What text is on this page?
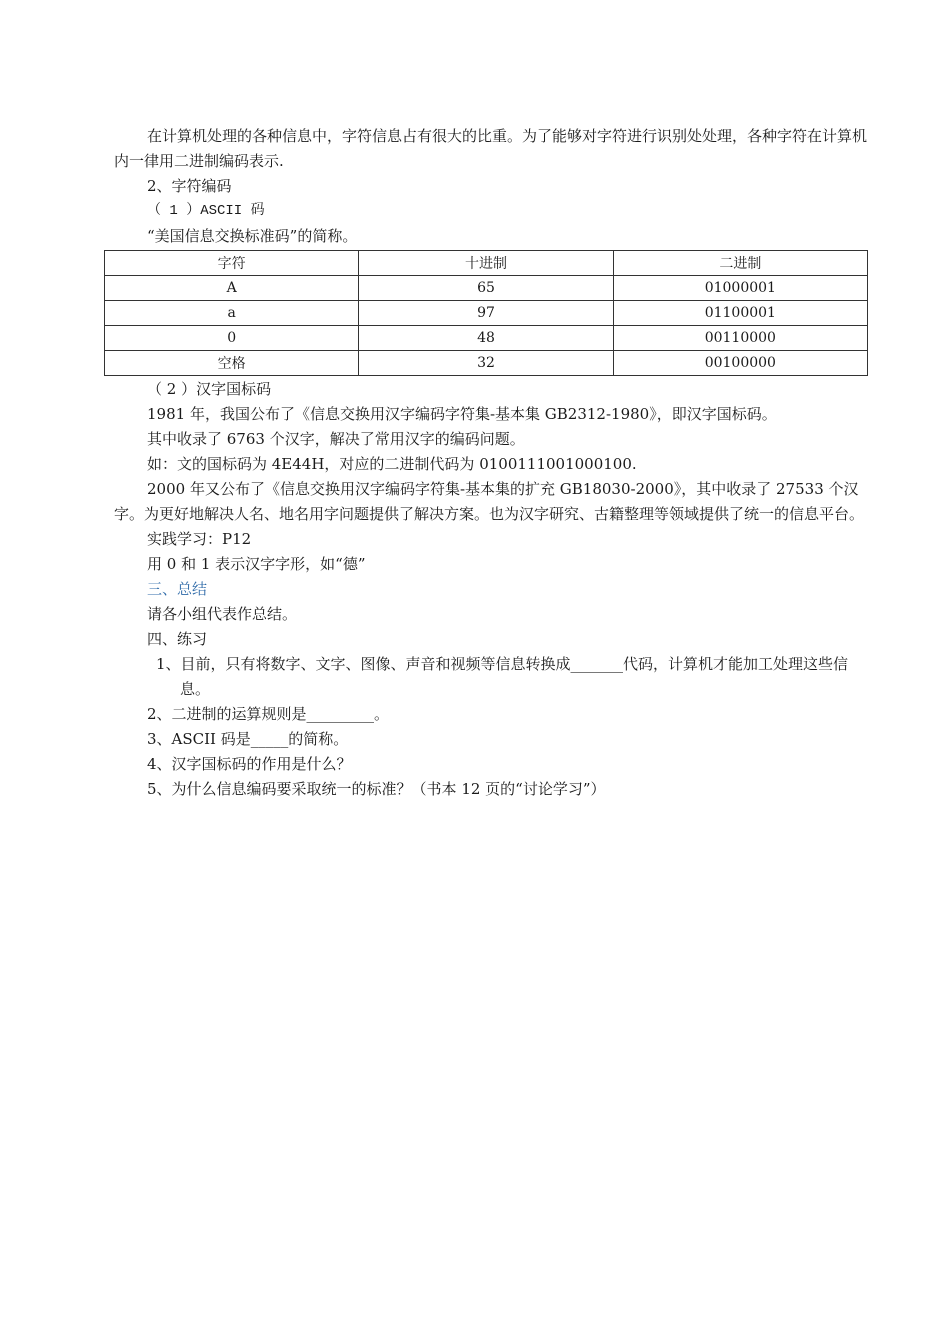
在计算机处理的各种信息中，字符信息占有很大的比重。为了能够对字符进行识别处处理，各种字符在计算机内一律用二进制编码表示.
2、字符编码
（ 1 ）ASCII 码
“美国信息交换标准码”的简称。
字符	十进制	二进制
A	65	01000001
a	97	01100001
0	48	00110000
空格	32	00100000
（ 2 ）汉字国标码
1981 年，我国公布了《信息交换用汉字编码字符集-基本集 GB2312-1980》，即汉字国标码。
其中收录了 6763 个汉字，解决了常用汉字的编码问题。
如：文的国标码为 4E44H，对应的二进制代码为 0100111001000100.
2000 年又公布了《信息交换用汉字编码字符集-基本集的扩充 GB18030-2000》，其中收录了 27533 个汉字。为更好地解决人名、地名用字问题提供了解决方案。也为汉字研究、古籍整理等领域提供了统一的信息平台。
实践学习：P12
用 0 和 1 表示汉字字形，如“德”
三、总结
请各小组代表作总结。
四、练习
1、目前，只有将数字、文字、图像、声音和视频等信息转换成_______代码，计算机才能加工处理这些信息。
2、二进制的运算规则是_________。
3、ASCII 码是_____的简称。
4、汉字国标码的作用是什么？
5、为什么信息编码要采取统一的标准？（书本 12 页的“讨论学习”）
